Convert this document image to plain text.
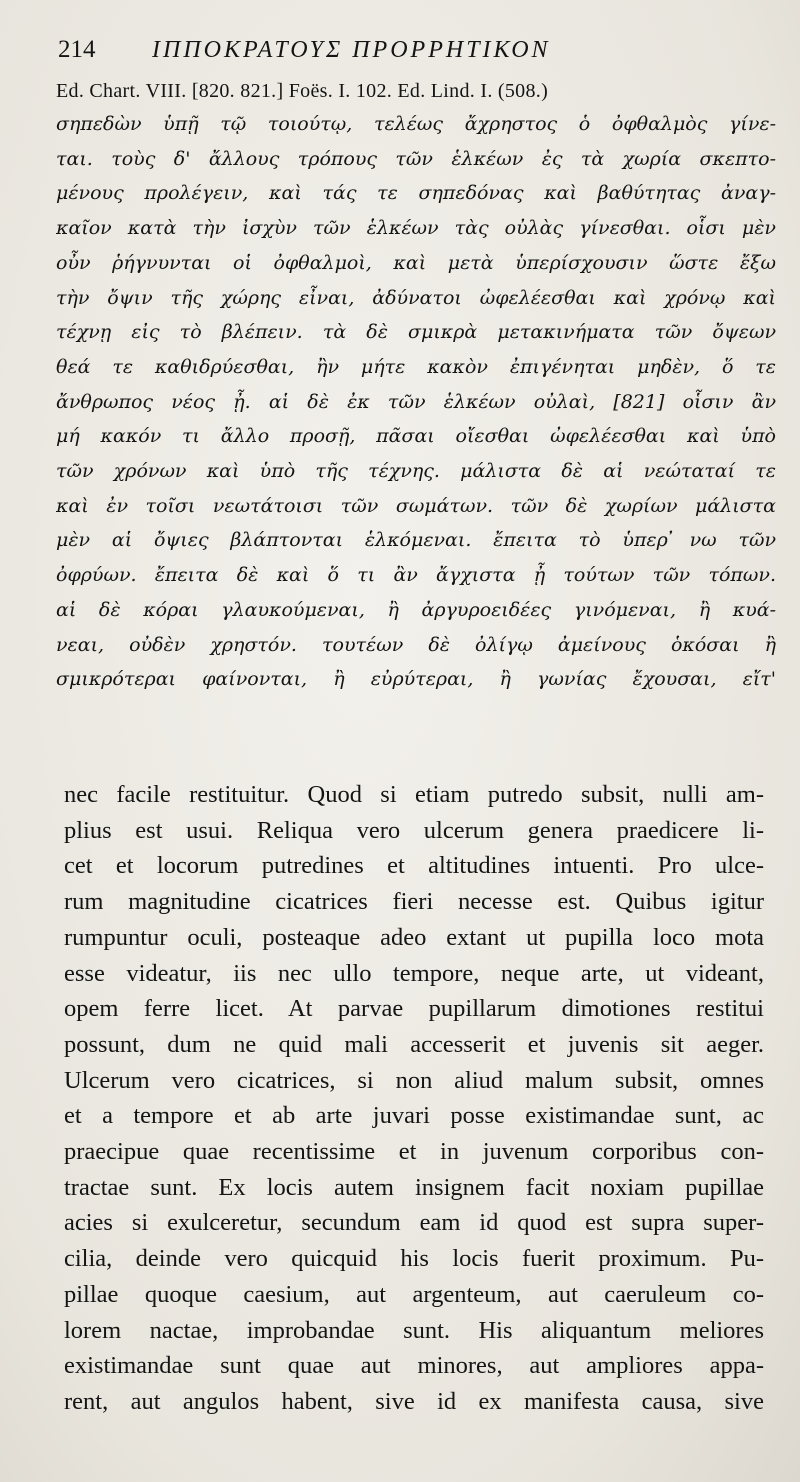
214	ΙΠΠΟΚΡΑΤΟΥΣ ΠΡΟΡΡΗΤΙΚΟΝ
Ed. Chart. VIII. [820. 821.] Foës. I. 102. Ed. Lind. I. (508.)
σηπεδὼν ὑπῇ τῷ τοιούτῳ, τελέως ἄχρηστος ὁ ὀφθαλμὸς γίνε-
ται. τοὺς δ' ἄλλους τρόπους τῶν ἑλκέων ἐς τὰ χωρία σκεπτο-
μένους προλέγειν, καὶ τάς τε σηπεδόνας καὶ βαθύτητας ἀναγ-
καῖον κατὰ τὴν ἰσχὺν τῶν ἑλκέων τὰς οὐλὰς γίνεσθαι. οἷσι μὲν
οὖν ῥήγνυνται οἱ ὀφθαλμοὶ, καὶ μετὰ ὑπερίσχουσιν ὥστε ἔξω
τὴν ὄψιν τῆς χώρης εἶναι, ἀδύνατοι ὠφελέεσθαι καὶ χρόνῳ καὶ
τέχνῃ εἰς τὸ βλέπειν. τὰ δὲ σμικρὰ μετακινήματα τῶν ὄψεων
θεά τε καθιδρύεσθαι, ἢν μήτε κακὸν ἐπιγένηται μηδὲν, ὅ τε
ἄνθρωπος νέος ᾖ. αἱ δὲ ἐκ τῶν ἑλκέων οὐλαὶ, [821] οἷσιν ἂν
μή κακόν τι ἄλλο προσῇ, πᾶσαι οἴεσθαι ὠφελέεσθαι καὶ ὑπὸ
τῶν χρόνων καὶ ὑπὸ τῆς τέχνης. μάλιστα δὲ αἱ νεώταταί τε
καὶ ἐν τοῖσι νεωτάτοισι τῶν σωμάτων. τῶν δὲ χωρίων μάλιστα
μὲν αἱ ὄψιες βλάπτονται ἑλκόμεναι. ἔπειτα τὸ ὑπερ ̓νω τῶν
ὀφρύων. ἔπειτα δὲ καὶ ὅ τι ἂν ἄγχιστα ᾖ τούτων τῶν τόπων.
αἱ δὲ κόραι γλαυκούμεναι, ἢ ἀργυροειδέες γινόμεναι, ἢ κυά-
νεαι, οὐδὲν χρηστόν. τουτέων δὲ ὀλίγῳ ἀμείνους ὁκόσαι ἢ
σμικρότεραι φαίνονται, ἢ εὐρύτεραι, ἢ γωνίας ἔχουσαι, εἴτ'
nec facile restituitur. Quod si etiam putredo subsit, nulli am-
plius est usui. Reliqua vero ulcerum genera praedicere li-
cet et locorum putredines et altitudines intuenti. Pro ulce-
rum magnitudine cicatrices fieri necesse est. Quibus igitur
rumpuntur oculi, posteaque adeo extant ut pupilla loco mota
esse videatur, iis nec ullo tempore, neque arte, ut videant,
opem ferre licet. At parvae pupillarum dimotiones restitui
possunt, dum ne quid mali accesserit et juvenis sit aeger.
Ulcerum vero cicatrices, si non aliud malum subsit, omnes
et a tempore et ab arte juvari posse existimandae sunt, ac
praecipue quae recentissime et in juvenum corporibus con-
tractae sunt. Ex locis autem insignem facit noxiam pupillae
acies si exulceretur, secundum eam id quod est supra super-
cilia, deinde vero quicquid his locis fuerit proximum. Pu-
pillae quoque caesium, aut argenteum, aut caeruleum co-
lorem nactae, improbandae sunt. His aliquantum meliores
existimandae sunt quae aut minores, aut ampliores appa-
rent, aut angulos habent, sive id ex manifesta causa, sive
